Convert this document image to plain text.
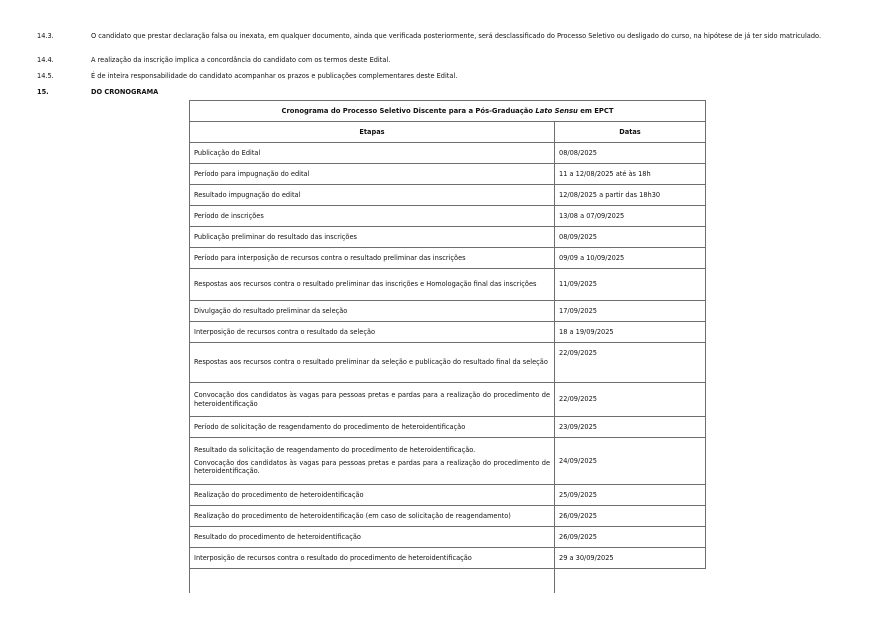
14.3.	O candidato que prestar declaração falsa ou inexata, em qualquer documento, ainda que verificada posteriormente, será desclassificado do Processo Seletivo ou desligado do curso, na hipótese de já ter sido matriculado.
14.4.	A realização da inscrição implica a concordância do candidato com os termos deste Edital.
14.5.	É de inteira responsabilidade do candidato acompanhar os prazos e publicações complementares deste Edital.
15.	DO CRONOGRAMA
Cronograma do Processo Seletivo Discente para a Pós-Graduação Lato Sensu em EPCT	
Etapas	Datas
Publicação do Edital	08/08/2025
Período para impugnação do edital	11 a 12/08/2025 até às 18h
Resultado impugnação do edital	12/08/2025 a partir das 18h30
Período de inscrições	13/08 a 07/09/2025
Publicação preliminar do resultado das inscrições	08/09/2025
Período para interposição de recursos contra o resultado preliminar das inscrições	09/09 a 10/09/2025
Respostas aos recursos contra o resultado preliminar das inscrições e Homologação final das inscrições	11/09/2025
Divulgação do resultado preliminar da seleção	17/09/2025
Interposição de recursos contra o resultado da seleção	18 a 19/09/2025
Respostas aos recursos contra o resultado preliminar da seleção e publicação do resultado final da seleção	22/09/2025
Convocação dos candidatos às vagas para pessoas pretas e pardas para a realização do procedimento de heteroidentificação	22/09/2025
Período de solicitação de reagendamento do procedimento de heteroidentificação	23/09/2025

Resultado da solicitação de reagendamento do procedimento de heteroidentificação.
Convocação dos candidatos às vagas para pessoas pretas e pardas para a realização do procedimento de heteroidentificação.	24/09/2025
Realização do procedimento de heteroidentificação	25/09/2025
Realização do procedimento de heteroidentificação (em caso de solicitação de reagendamento)	26/09/2025
Resultado do procedimento de heteroidentificação	26/09/2025
Interposição de recursos contra o resultado do procedimento de heteroidentificação	29 a 30/09/2025
